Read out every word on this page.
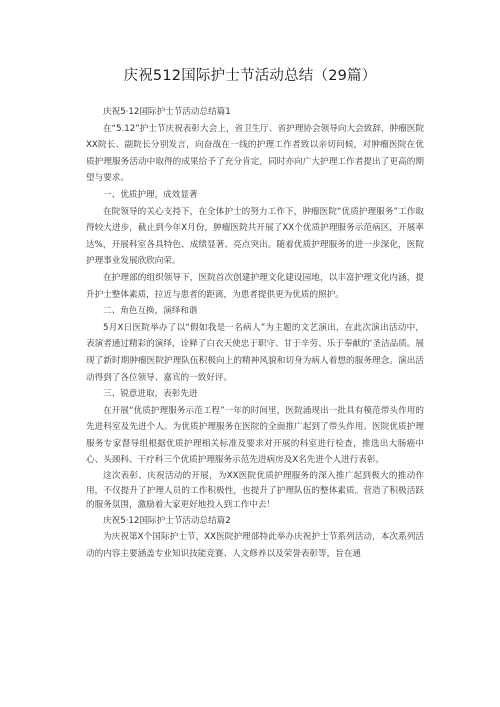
庆祝512国际护士节活动总结（29篇）

庆祝5·12国际护士节活动总结篇1

在“5.12”护士节庆祝表彰大会上，省卫生厅、省护理协会领导向大会致辞，肿瘤医院XX院长、副院长分别发言，向奋战在一线的护理工作者致以亲切问候，对肿瘤医院在优质护理服务活动中取得的成果给予了充分肯定，同时亦向广大护理工作者提出了更高的期望与要求。

一、优质护理，成效显著

在院领导的关心支持下，在全体护士的努力工作下，肿瘤医院“优质护理服务”工作取得较大进步，截止到今年X月份，肿瘤医院共开展了XX个优质护理服务示范病区，开展率达%，开展科室各具特色、成绩显著、亮点突出。随着优质护理服务的进一步深化，医院护理事业发展欣欣向荣。

在护理部的组织领导下，医院首次创建护理文化建设园地，以丰富护理文化内涵，提升护士整体素质，拉近与患者的距离，为患者提供更为优质的照护。

二、角色互换，演绎和谐

5月X日医院举办了以“假如我是一名病人”为主题的文艺演出，在此次演出活动中，表演者通过精彩的演绎，诠释了白衣天使忠于职守、甘于辛劳、乐于奉献的‘圣洁品质。展现了新时期肿瘤医院护理队伍积极向上的精神风貌和切身为病人着想的服务理念。演出活动得到了各位领导、嘉宾的一致好评。

三、锐意进取，表彰先进

在开展“优质护理服务示范工程”一年的时间里，医院涌现出一批具有模范带头作用的先进科室及先进个人。为优质护理服务在医院的全面推广起到了带头作用。医院优质护理服务专家督导组根据优质护理相关标准及要求对开展的科室进行检查，推选出大肠癌中心、头颈科、干疗科三个优质护理服务示范先进病房及X名先进个人进行表彰。

这次表彰、庆祝活动的开展，为XX医院优质护理服务的深入推广起到极大的推动作用，不仅提升了护理人员的工作积极性，也提升了护理队伍的整体素质。营造了积极活跃的服务氛围，激励着大家更好地投入到工作中去！

庆祝5·12国际护士节活动总结篇2

为庆祝第X个国际护士节，XX医院护理部特此举办庆祝护士节系列活动，本次系列活动的内容主要涵盖专业知识技能竞赛、人文修养以及荣誉表彰等，旨在通
